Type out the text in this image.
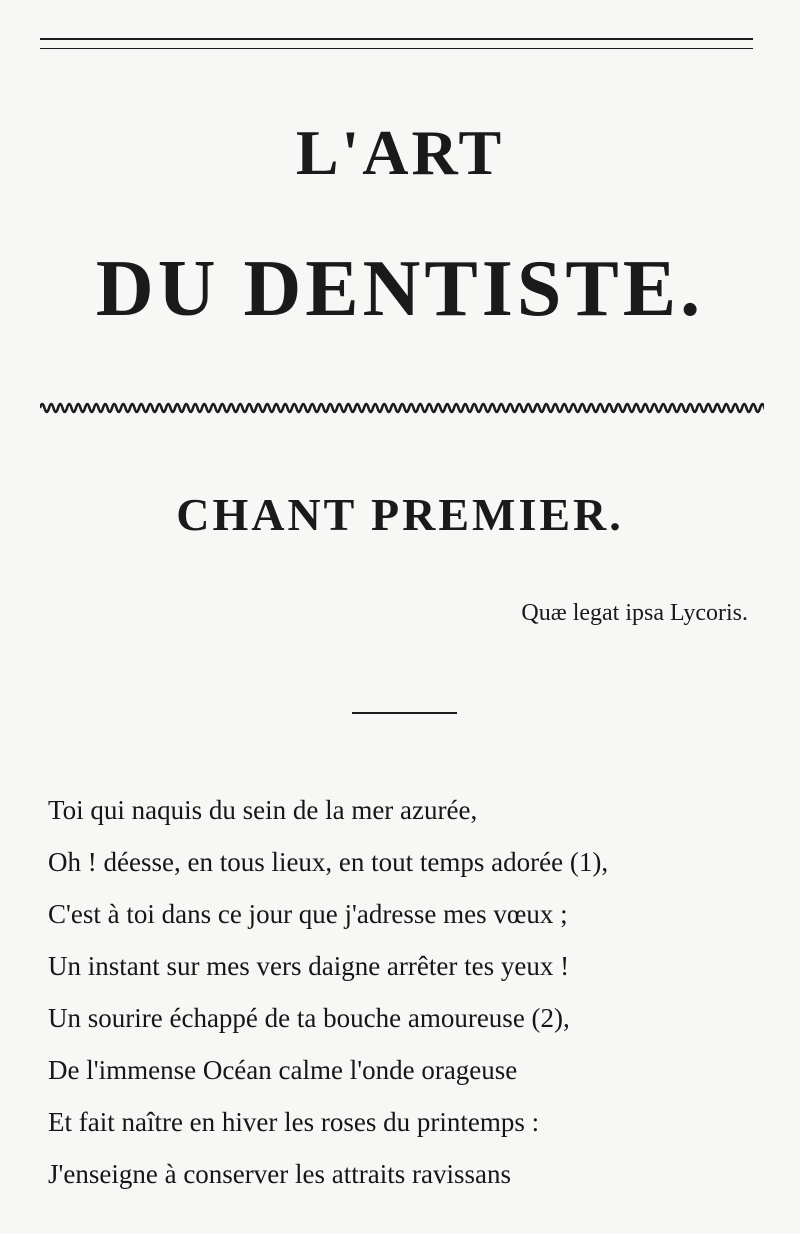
L'ART
DU DENTISTE.
CHANT PREMIER.
Quæ legat ipsa Lycoris.
Toi qui naquis du sein de la mer azurée,
Oh ! déesse, en tous lieux, en tout temps adorée (1),
C'est à toi dans ce jour que j'adresse mes vœux ;
Un instant sur mes vers daigne arrêter tes yeux !
Un sourire échappé de ta bouche amoureuse (2),
De l'immense Océan calme l'onde orageuse
Et fait naître en hiver les roses du printemps :
J'enseigne à conserver les attraits ravissans
